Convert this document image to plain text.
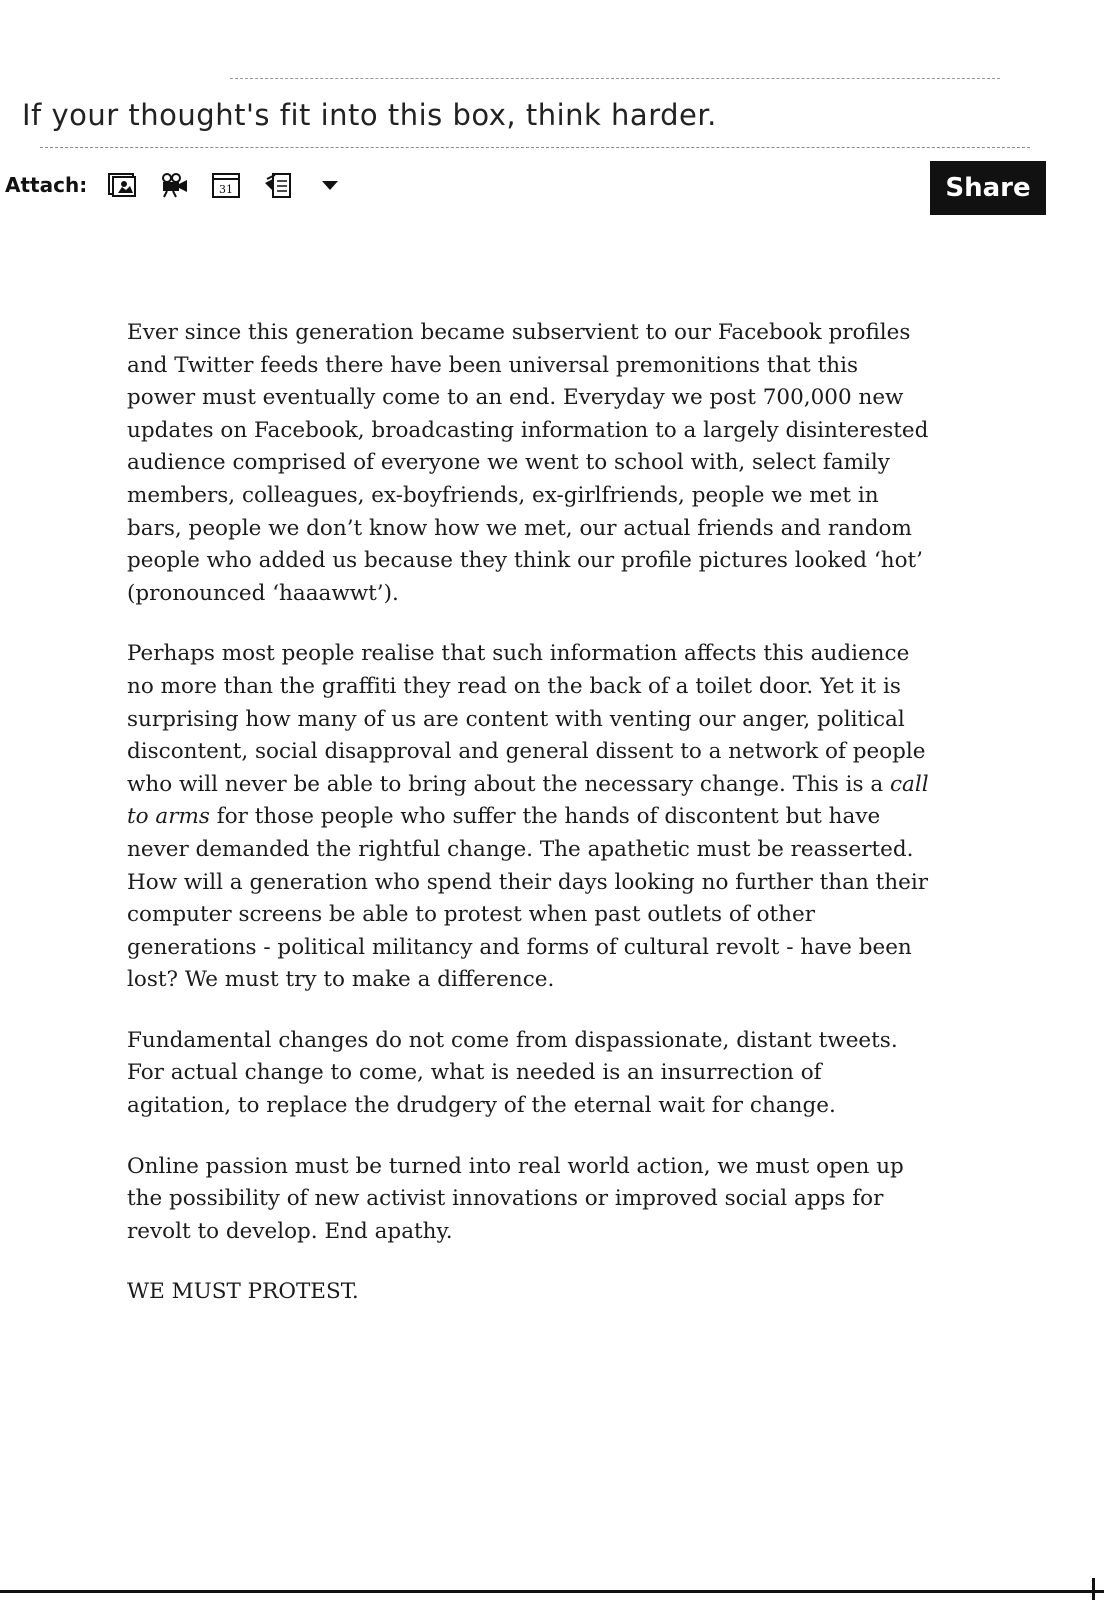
If your thought's fit into this box, think harder.
Attach:	31	Share

Ever since this generation became subservient to our Facebook profiles and Twitter feeds there have been universal premonitions that this power must eventually come to an end. Everyday we post 700,000 new updates on Facebook, broadcasting information to a largely disinterested audience comprised of everyone we went to school with, select family members, colleagues, ex-boyfriends, ex-girlfriends, people we met in bars, people we don’t know how we met, our actual friends and random people who added us because they think our profile pictures looked ‘hot’ (pronounced ‘haaawwt’).

Perhaps most people realise that such information affects this audience no more than the graffiti they read on the back of a toilet door. Yet it is surprising how many of us are content with venting our anger, political discontent, social disapproval and general dissent to a network of people who will never be able to bring about the necessary change. This is a call to arms for those people who suffer the hands of discontent but have never demanded the rightful change. The apathetic must be reasserted. How will a generation who spend their days looking no further than their computer screens be able to protest when past outlets of other generations - political militancy and forms of cultural revolt - have been lost? We must try to make a difference.

Fundamental changes do not come from dispassionate, distant tweets. For actual change to come, what is needed is an insurrection of agitation, to replace the drudgery of the eternal wait for change.

Online passion must be turned into real world action, we must open up the possibility of new activist innovations or improved social apps for revolt to develop. End apathy.

WE MUST PROTEST.
